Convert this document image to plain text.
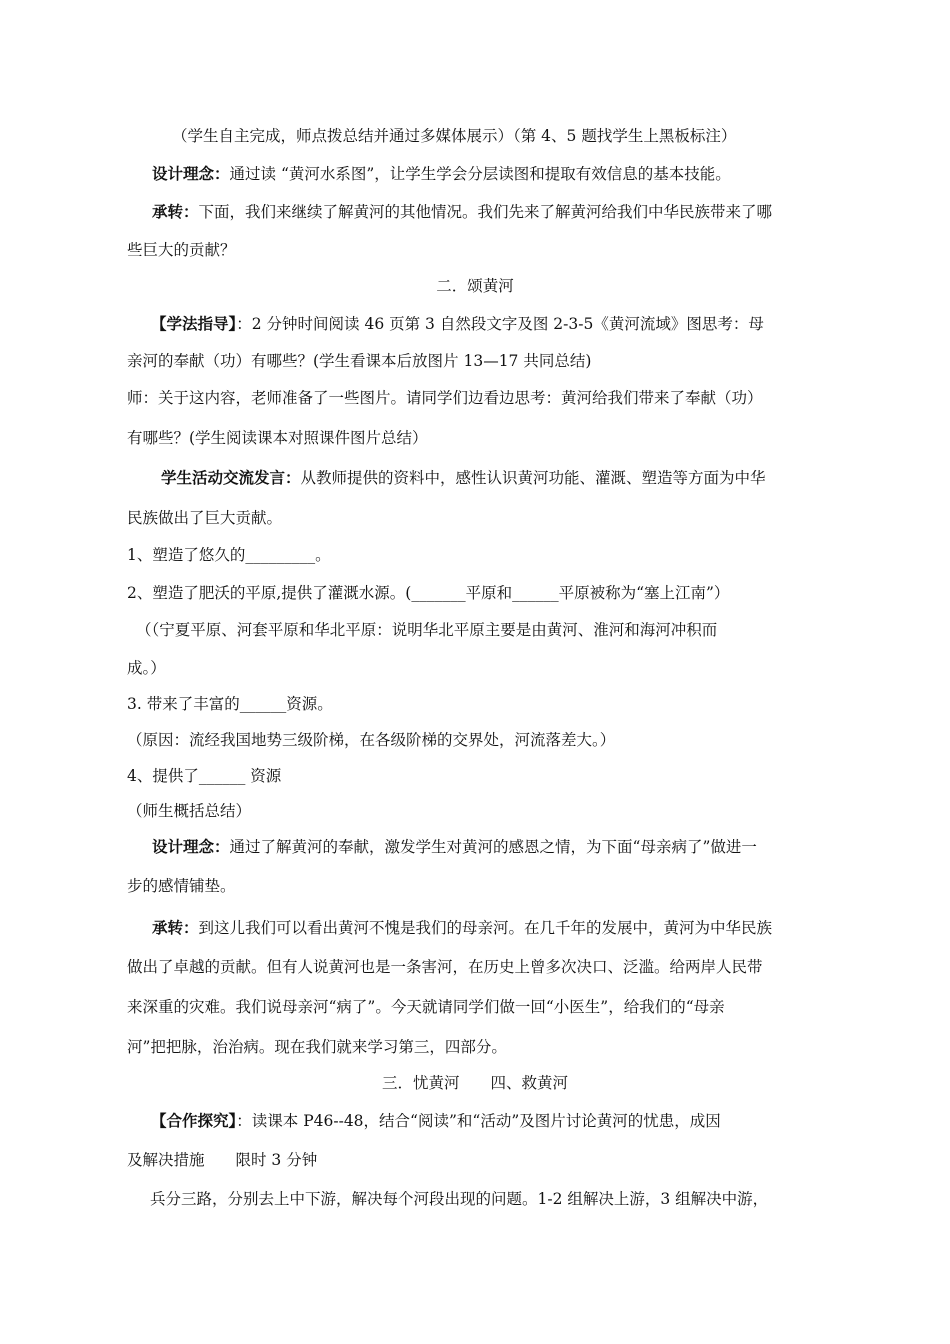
（学生自主完成，师点拨总结并通过多媒体展示）（第 4、5 题找学生上黑板标注）
设计理念：通过读 “黄河水系图”，让学生学会分层读图和提取有效信息的基本技能。
承转：下面，我们来继续了解黄河的其他情况。我们先来了解黄河给我们中华民族带来了哪
些巨大的贡献？
二．颂黄河
【学法指导】：2 分钟时间阅读 46 页第 3 自然段文字及图 2-3-5《黄河流域》图思考：母
亲河的奉献（功）有哪些？(学生看课本后放图片 13—17 共同总结)
师：关于这内容，老师准备了一些图片。请同学们边看边思考：黄河给我们带来了奉献（功）
有哪些？(学生阅读课本对照课件图片总结）
学生活动交流发言：从教师提供的资料中，感性认识黄河功能、灌溉、塑造等方面为中华
民族做出了巨大贡献。
1、塑造了悠久的_________。
2、塑造了肥沃的平原,提供了灌溉水源。(_______平原和______平原被称为“塞上江南”）
（（宁夏平原、河套平原和华北平原：说明华北平原主要是由黄河、淮河和海河冲积而
成。）
3. 带来了丰富的______资源。
（原因：流经我国地势三级阶梯，在各级阶梯的交界处，河流落差大。）
4、提供了______ 资源
（师生概括总结）
设计理念：通过了解黄河的奉献，激发学生对黄河的感恩之情，为下面“母亲病了”做进一
步的感情铺垫。
承转：到这儿我们可以看出黄河不愧是我们的母亲河。在几千年的发展中，黄河为中华民族
做出了卓越的贡献。但有人说黄河也是一条害河，在历史上曾多次决口、泛滥。给两岸人民带
来深重的灾难。我们说母亲河“病了”。今天就请同学们做一回“小医生”，给我们的“母亲
河”把把脉，治治病。现在我们就来学习第三，四部分。
三．忧黄河　　四、救黄河
【合作探究】：读课本 P46--48，结合“阅读”和“活动”及图片讨论黄河的忧患，成因
及解决措施　　限时 3 分钟
兵分三路，分别去上中下游，解决每个河段出现的问题。1-2 组解决上游，3 组解决中游，
